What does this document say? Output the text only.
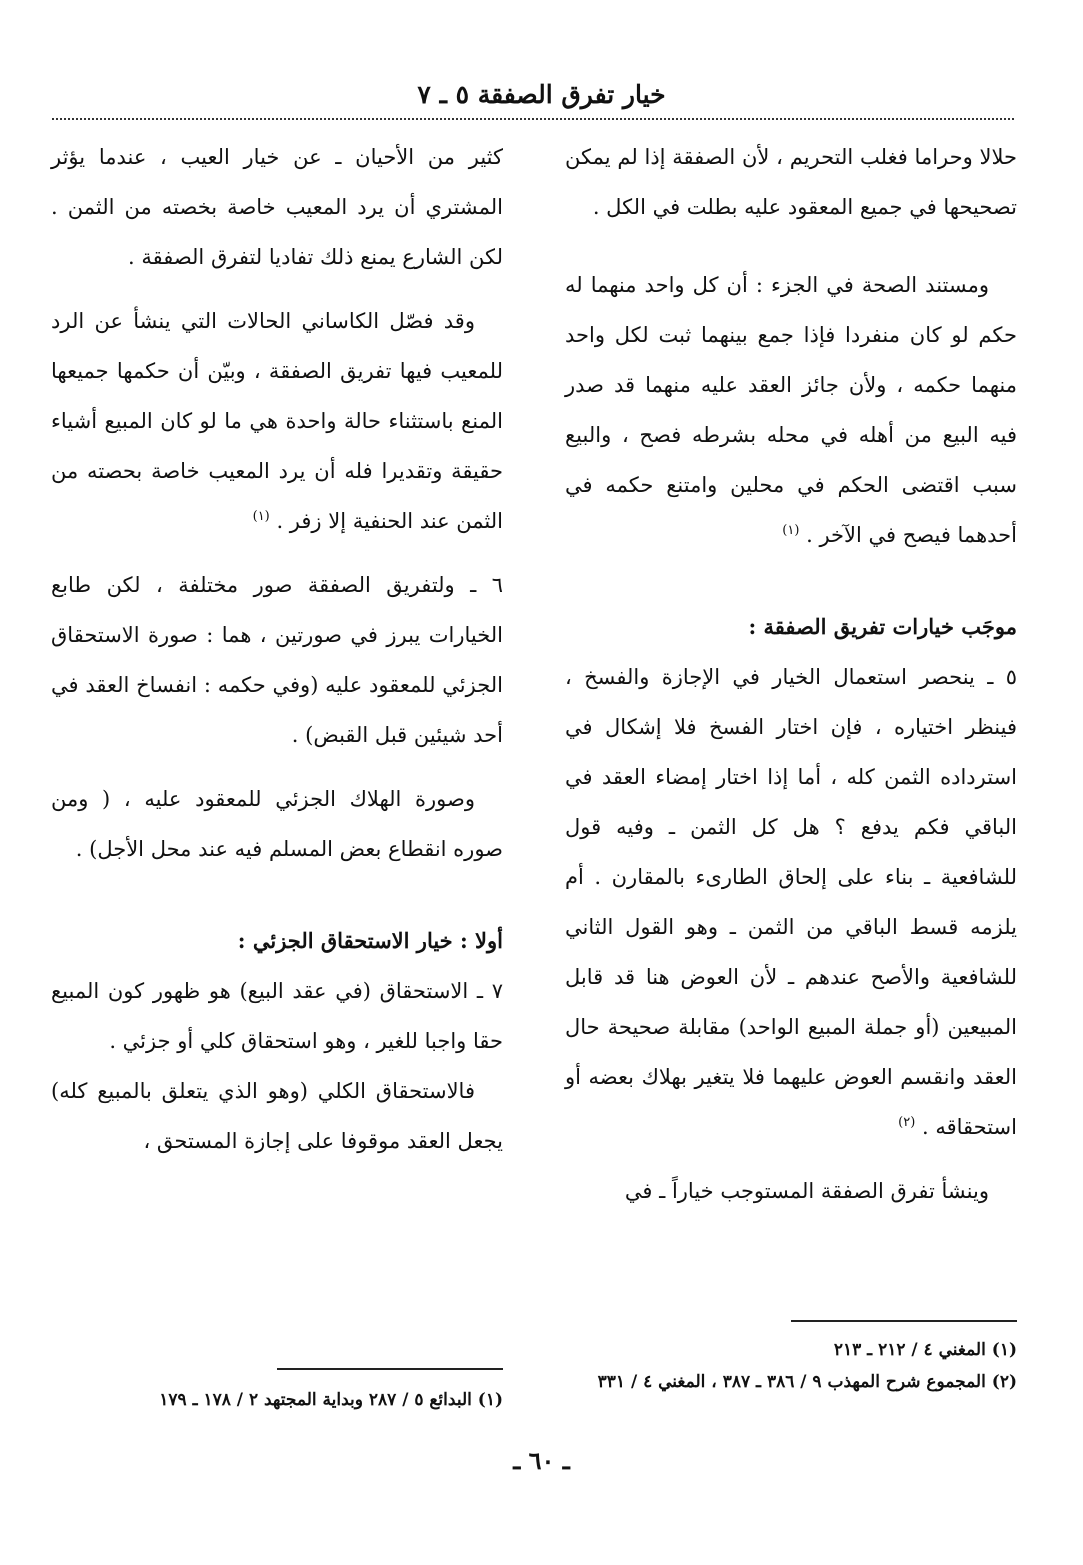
خيار تفرق الصفقة ٥ ـ ٧

حلالا وحراما فغلب التحريم ، لأن الصفقة إذا لم يمكن تصحيحها في جميع المعقود عليه بطلت في الكل .

ومستند الصحة في الجزء : أن كل واحد منهما له حكم لو كان منفردا فإذا جمع بينهما ثبت لكل واحد منهما حكمه ، ولأن جائز العقد عليه منهما قد صدر فيه البيع من أهله في محله بشرطه فصح ، والبيع سبب اقتضى الحكم في محلين وامتنع حكمه في أحدهما فيصح في الآخر . $^{(١)}$

موجَب خيارات تفريق الصفقة :

٥ ـ ينحصر استعمال الخيار في الإجازة والفسخ ، فينظر اختياره ، فإن اختار الفسخ فلا إشكال في استرداده الثمن كله ، أما إذا اختار إمضاء العقد في الباقي فكم يدفع ؟ هل كل الثمن ـ وفيه قول للشافعية ـ بناء على إلحاق الطارىء بالمقارن . أم يلزمه قسط الباقي من الثمن ـ وهو القول الثاني للشافعية والأصح عندهم ـ لأن العوض هنا قد قابل المبيعين (أو جملة المبيع الواحد) مقابلة صحيحة حال العقد وانقسم العوض عليهما فلا يتغير بهلاك بعضه أو استحقاقه . $^{(٢)}$

وينشأ تفرق الصفقة المستوجب خياراً ـ في

كثير من الأحيان ـ عن خيار العيب ، عندما يؤثر المشتري أن يرد المعيب خاصة بخصته من الثمن . لكن الشارع يمنع ذلك تفاديا لتفرق الصفقة .

وقد فصّل الكاساني الحالات التي ينشأ عن الرد للمعيب فيها تفريق الصفقة ، وبيّن أن حكمها جميعها المنع باستثناء حالة واحدة هي ما لو كان المبيع أشياء حقيقة وتقديرا فله أن يرد المعيب خاصة بحصته من الثمن عند الحنفية إلا زفر . $^{(١)}$

٦ ـ ولتفريق الصفقة صور مختلفة ، لكن طابع الخيارات يبرز في صورتين ، هما : صورة الاستحقاق الجزئي للمعقود عليه (وفي حكمه : انفساخ العقد في أحد شيئين قبل القبض) .

وصورة الهلاك الجزئي للمعقود عليه ، ( ومن صوره انقطاع بعض المسلم فيه عند محل الأجل) .

أولا : خيار الاستحقاق الجزئي :

٧ ـ الاستحقاق (في عقد البيع) هو ظهور كون المبيع حقا واجبا للغير ، وهو استحقاق كلي أو جزئي .

فالاستحقاق الكلي (وهو الذي يتعلق بالمبيع كله) يجعل العقد موقوفا على إجازة المستحق ،

(١) المغني ٤ / ٢١٢ ـ ٢١٣

(٢) المجموع شرح المهذب ٩ / ٣٨٦ ـ ٣٨٧ ، المغني ٤ / ٣٣١

(١) البدائع ٥ / ٢٨٧ وبداية المجتهد ٢ / ١٧٨ ـ ١٧٩

ـ ٦٠ ـ
